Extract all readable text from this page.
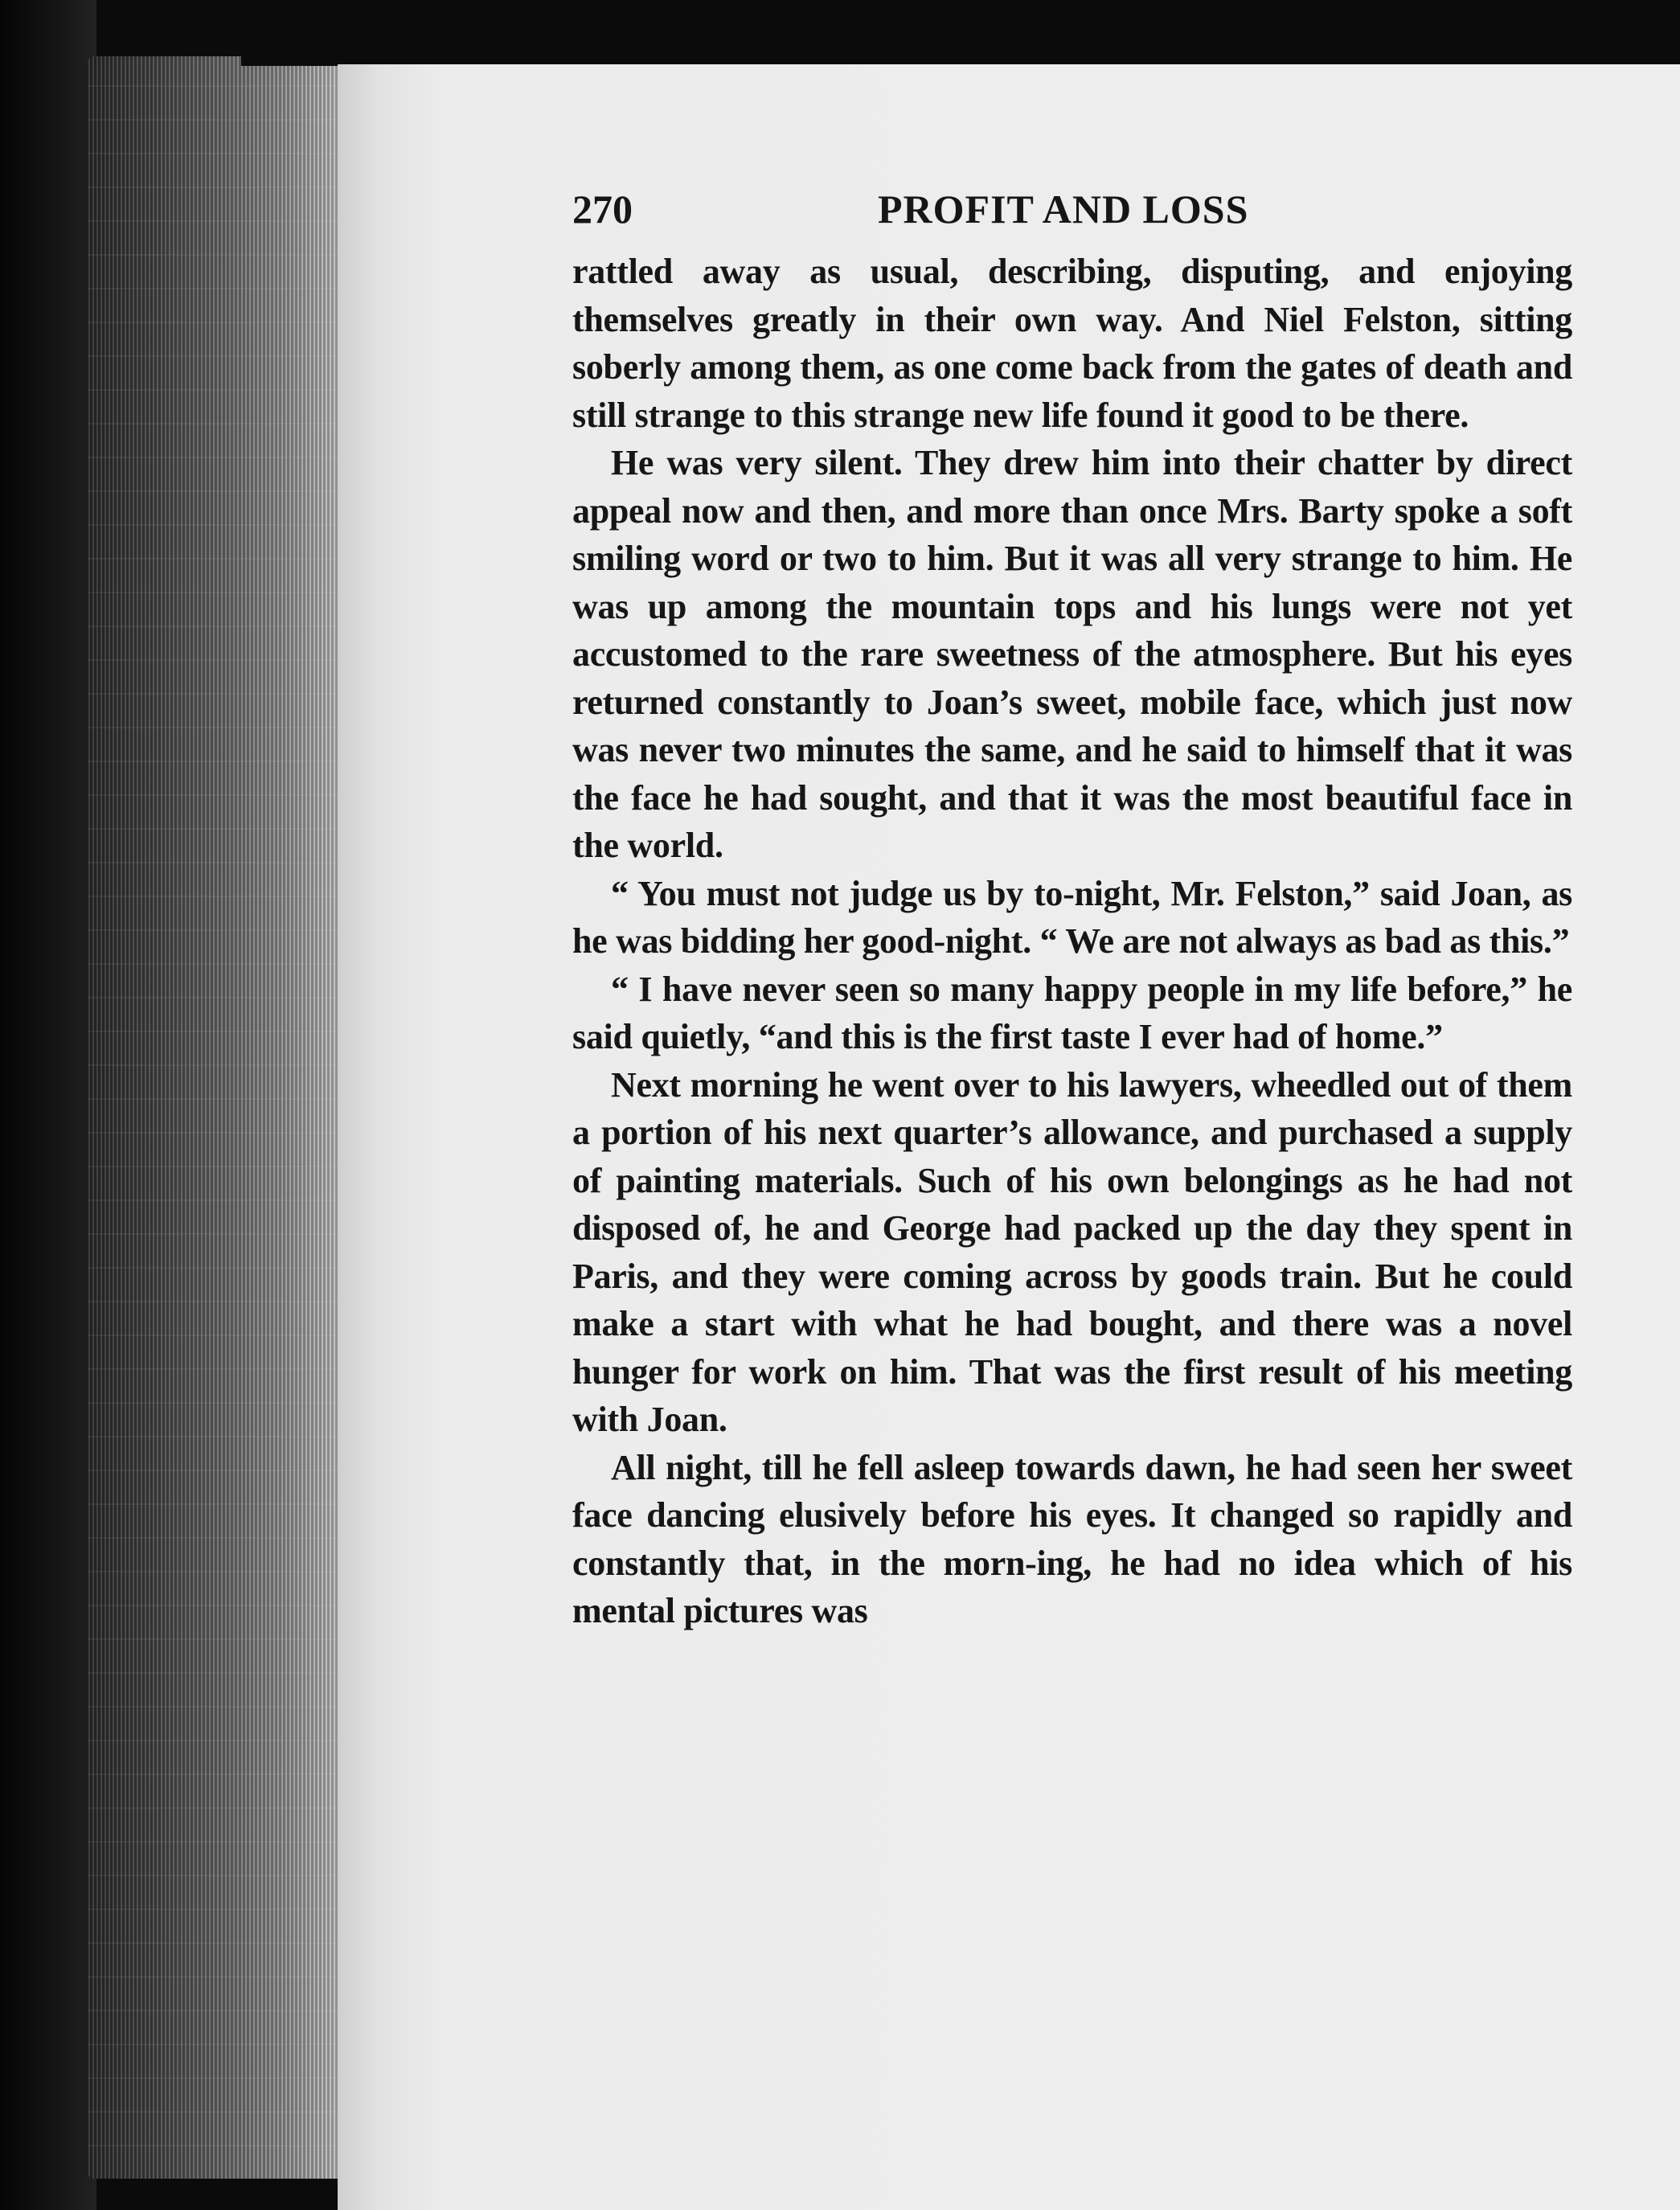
270	PROFIT AND LOSS

rattled away as usual, describing, disputing, and enjoying themselves greatly in their own way. And Niel Felston, sitting soberly among them, as one come back from the gates of death and still strange to this strange new life found it good to be there.

He was very silent. They drew him into their chatter by direct appeal now and then, and more than once Mrs. Barty spoke a soft smiling word or two to him. But it was all very strange to him. He was up among the mountain tops and his lungs were not yet accustomed to the rare sweetness of the atmosphere. But his eyes returned constantly to Joan’s sweet, mobile face, which just now was never two minutes the same, and he said to himself that it was the face he had sought, and that it was the most beautiful face in the world.

“ You must not judge us by to-night, Mr. Felston,” said Joan, as he was bidding her good-night. “ We are not always as bad as this.”

“ I have never seen so many happy people in my life before,” he said quietly, “and this is the first taste I ever had of home.”

Next morning he went over to his lawyers, wheedled out of them a portion of his next quarter’s allowance, and purchased a supply of painting materials. Such of his own belongings as he had not disposed of, he and George had packed up the day they spent in Paris, and they were coming across by goods train. But he could make a start with what he had bought, and there was a novel hunger for work on him. That was the first result of his meeting with Joan.

All night, till he fell asleep towards dawn, he had seen her sweet face dancing elusively before his eyes. It changed so rapidly and constantly that, in the morn-ing, he had no idea which of his mental pictures was
